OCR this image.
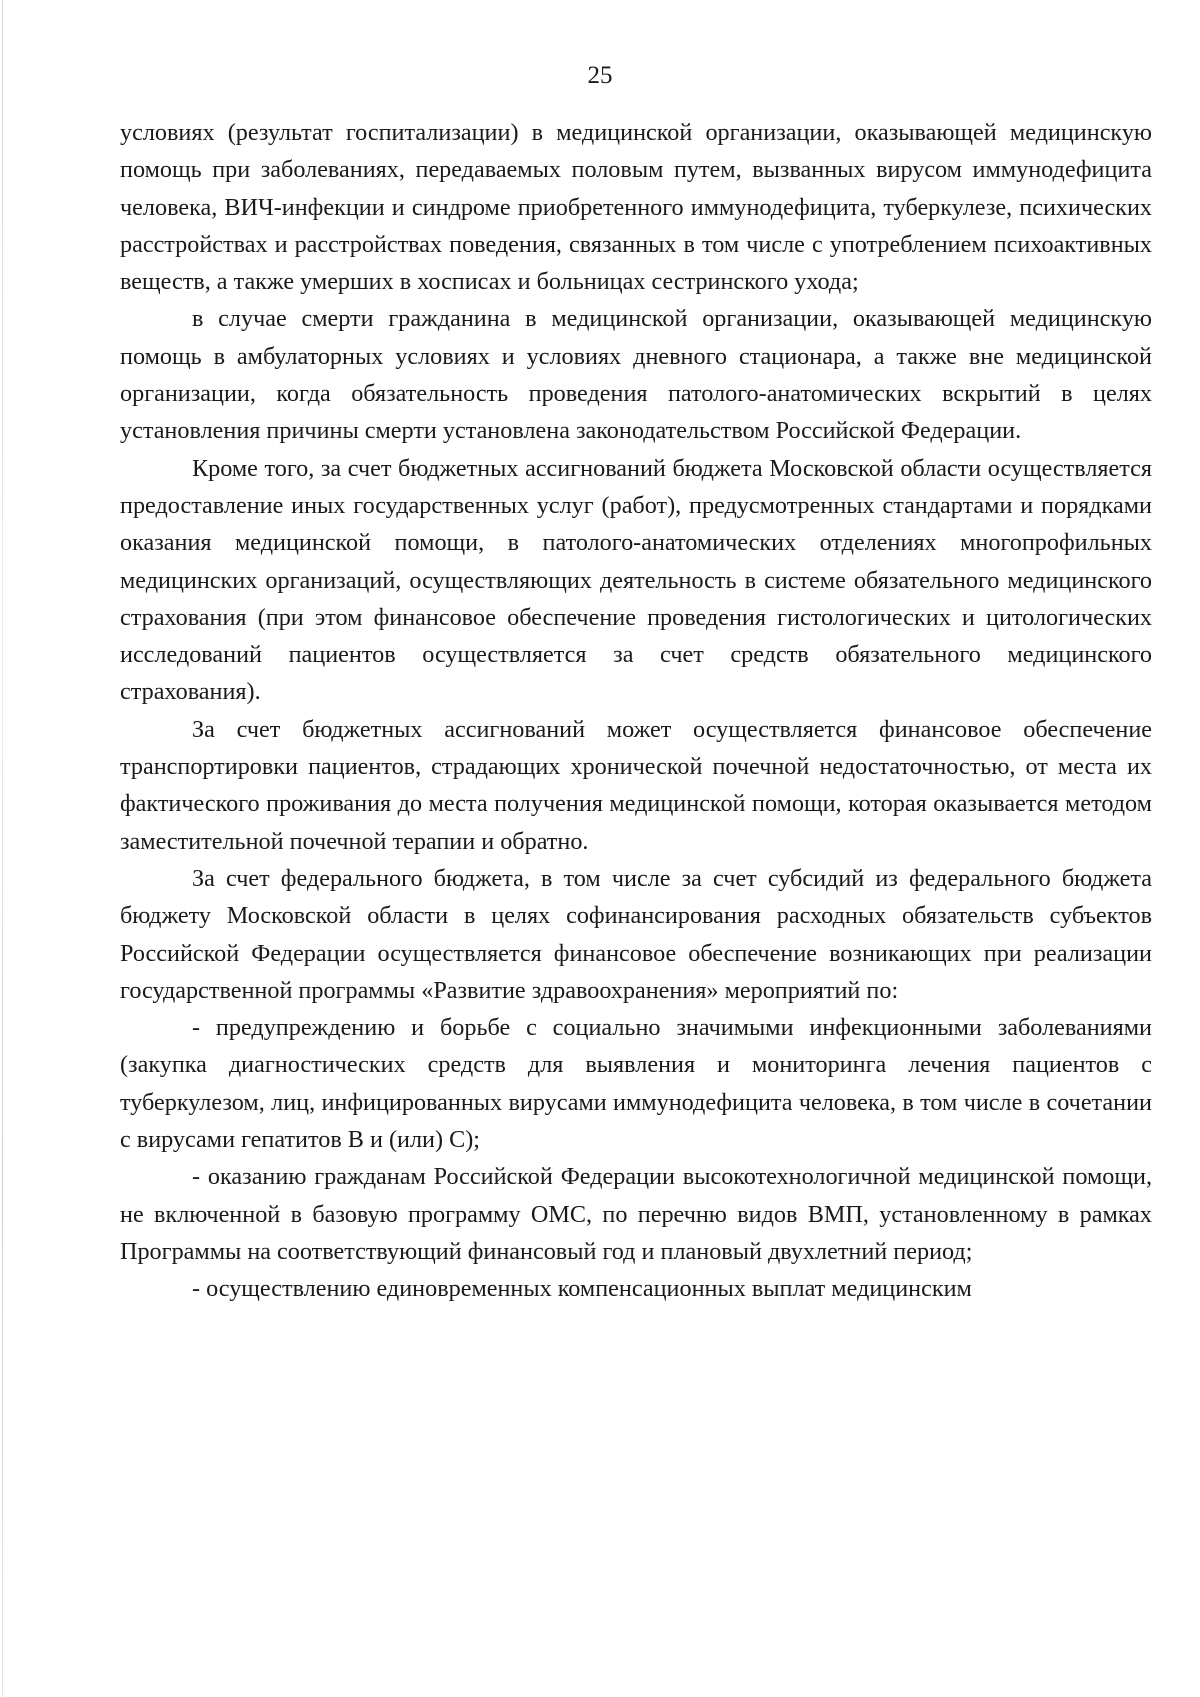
25

условиях (результат госпитализации) в медицинской организации, оказывающей медицинскую помощь при заболеваниях, передаваемых половым путем, вызванных вирусом иммунодефицита человека, ВИЧ-инфекции и синдроме приобретенного иммунодефицита, туберкулезе, психических расстройствах и расстройствах поведения, связанных в том числе с употреблением психоактивных веществ, а также умерших в хосписах и больницах сестринского ухода;

в случае смерти гражданина в медицинской организации, оказывающей медицинскую помощь в амбулаторных условиях и условиях дневного стационара, а также вне медицинской организации, когда обязательность проведения патолого-анатомических вскрытий в целях установления причины смерти установлена законодательством Российской Федерации.

Кроме того, за счет бюджетных ассигнований бюджета Московской области осуществляется предоставление иных государственных услуг (работ), предусмотренных стандартами и порядками оказания медицинской помощи, в патолого-анатомических отделениях многопрофильных медицинских организаций, осуществляющих деятельность в системе обязательного медицинского страхования (при этом финансовое обеспечение проведения гистологических и цитологических исследований пациентов осуществляется за счет средств обязательного медицинского страхования).

За счет бюджетных ассигнований может осуществляется финансовое обеспечение транспортировки пациентов, страдающих хронической почечной недостаточностью, от места их фактического проживания до места получения медицинской помощи, которая оказывается методом заместительной почечной терапии и обратно.

За счет федерального бюджета, в том числе за счет субсидий из федерального бюджета бюджету Московской области в целях софинансирования расходных обязательств субъектов Российской Федерации осуществляется финансовое обеспечение возникающих при реализации государственной программы «Развитие здравоохранения» мероприятий по:

- предупреждению и борьбе с социально значимыми инфекционными заболеваниями (закупка диагностических средств для выявления и мониторинга лечения пациентов с туберкулезом, лиц, инфицированных вирусами иммунодефицита человека, в том числе в сочетании с вирусами гепатитов В и (или) С);

- оказанию гражданам Российской Федерации высокотехнологичной медицинской помощи, не включенной в базовую программу ОМС, по перечню видов ВМП, установленному в рамках Программы на соответствующий финансовый год и плановый двухлетний период;

- осуществлению единовременных компенсационных выплат медицинским
